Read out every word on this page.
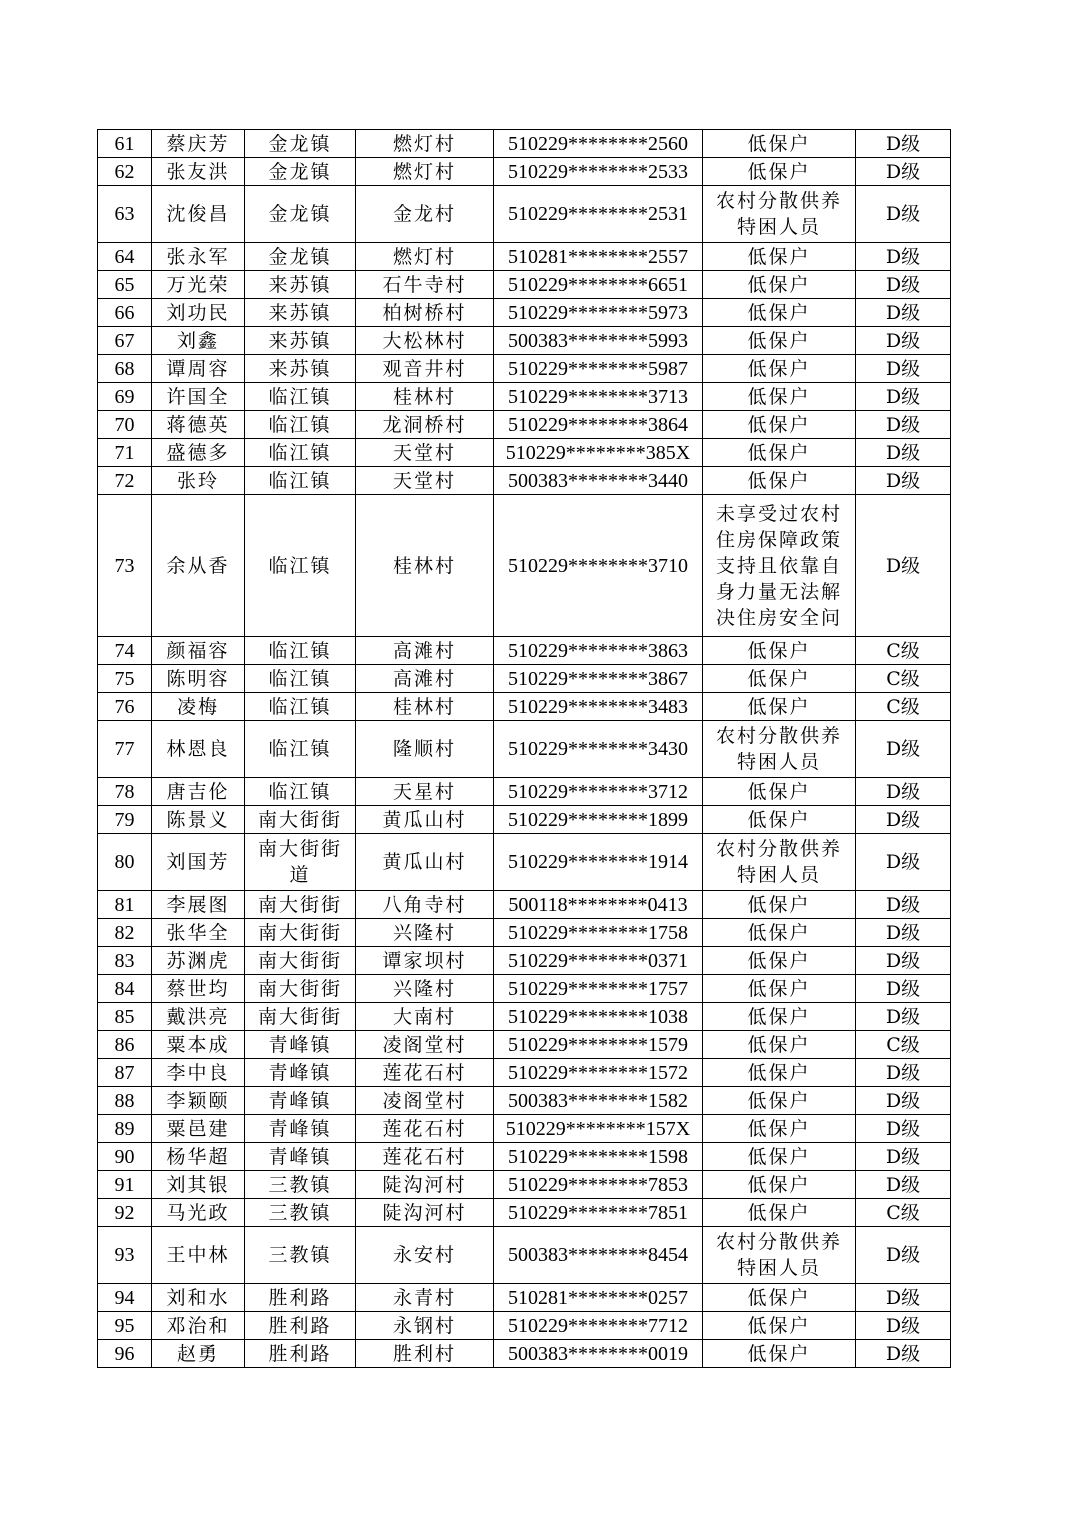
61	蔡庆芳	金龙镇	燃灯村	510229********2560	低保户	D级
62	张友洪	金龙镇	燃灯村	510229********2533	低保户	D级
63	沈俊昌	金龙镇	金龙村	510229********2531	农村分散供养特困人员	D级
64	张永军	金龙镇	燃灯村	510281********2557	低保户	D级
65	万光荣	来苏镇	石牛寺村	510229********6651	低保户	D级
66	刘功民	来苏镇	柏树桥村	510229********5973	低保户	D级
67	刘鑫	来苏镇	大松林村	500383********5993	低保户	D级
68	谭周容	来苏镇	观音井村	510229********5987	低保户	D级
69	许国全	临江镇	桂林村	510229********3713	低保户	D级
70	蒋德英	临江镇	龙洞桥村	510229********3864	低保户	D级
71	盛德多	临江镇	天堂村	510229********385X	低保户	D级
72	张玲	临江镇	天堂村	500383********3440	低保户	D级
73	余从香	临江镇	桂林村	510229********3710	未享受过农村住房保障政策支持且依靠自身力量无法解决住房安全问	D级
74	颜福容	临江镇	高滩村	510229********3863	低保户	C级
75	陈明容	临江镇	高滩村	510229********3867	低保户	C级
76	凌梅	临江镇	桂林村	510229********3483	低保户	C级
77	林恩良	临江镇	隆顺村	510229********3430	农村分散供养特困人员	D级
78	唐吉伦	临江镇	天星村	510229********3712	低保户	D级
79	陈景义	南大街街	黄瓜山村	510229********1899	低保户	D级
80	刘国芳	南大街街道	黄瓜山村	510229********1914	农村分散供养特困人员	D级
81	李展图	南大街街	八角寺村	500118********0413	低保户	D级
82	张华全	南大街街	兴隆村	510229********1758	低保户	D级
83	苏渊虎	南大街街	谭家坝村	510229********0371	低保户	D级
84	蔡世均	南大街街	兴隆村	510229********1757	低保户	D级
85	戴洪亮	南大街街	大南村	510229********1038	低保户	D级
86	粟本成	青峰镇	凌阁堂村	510229********1579	低保户	C级
87	李中良	青峰镇	莲花石村	510229********1572	低保户	D级
88	李颖颐	青峰镇	凌阁堂村	500383********1582	低保户	D级
89	粟邑建	青峰镇	莲花石村	510229********157X	低保户	D级
90	杨华超	青峰镇	莲花石村	510229********1598	低保户	D级
91	刘其银	三教镇	陡沟河村	510229********7853	低保户	D级
92	马光政	三教镇	陡沟河村	510229********7851	低保户	C级
93	王中林	三教镇	永安村	500383********8454	农村分散供养特困人员	D级
94	刘和水	胜利路	永青村	510281********0257	低保户	D级
95	邓治和	胜利路	永钢村	510229********7712	低保户	D级
96	赵勇	胜利路	胜利村	500383********0019	低保户	D级
